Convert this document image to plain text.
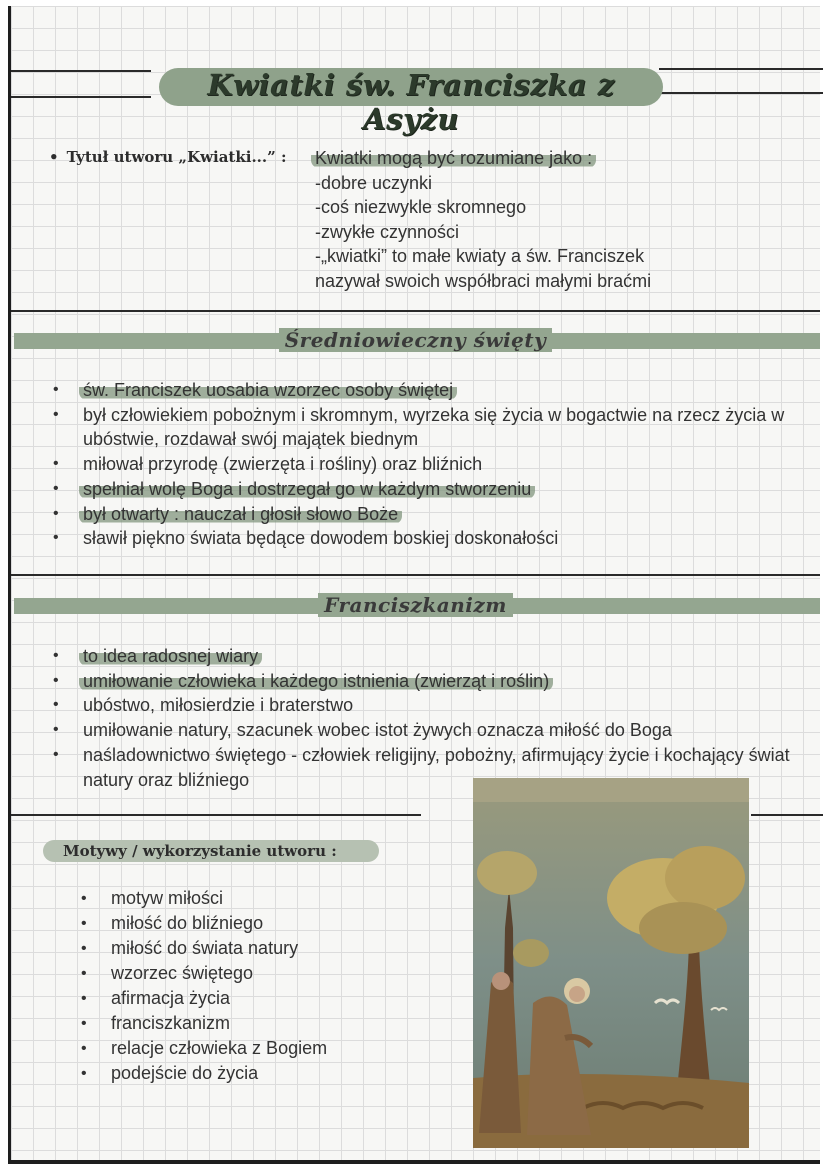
Kwiatki św. Franciszka z Asyżu
• Tytuł utworu „Kwiatki...” : Kwiatki mogą być rozumiane jako :
-dobre uczynki
-coś niezwykle skromnego
-zwykłe czynności
-„kwiatki” to małe kwiaty a św. Franciszek
nazywał swoich współbraci małymi braćmi
Średniowieczny święty
• św. Franciszek uosabia wzorzec osoby świętej
• był człowiekiem pobożnym i skromnym, wyrzeka się życia w bogactwie na rzecz życia w ubóstwie, rozdawał swój majątek biednym
• miłował przyrodę (zwierzęta i rośliny) oraz bliźnich
• spełniał wolę Boga i dostrzegał go w każdym stworzeniu
• był otwarty : nauczał i głosił słowo Boże
• sławił piękno świata będące dowodem boskiej doskonałości
Franciszkanizm
• to idea radosnej wiary
• umiłowanie człowieka i każdego istnienia (zwierząt i roślin)
• ubóstwo, miłosierdzie i braterstwo
• umiłowanie natury, szacunek wobec istot żywych oznacza miłość do Boga
• naśladownictwo świętego - człowiek religijny, pobożny, afirmujący życie i kochający świat natury oraz bliźniego
Motywy / wykorzystanie utworu :
• motyw miłości
• miłość do bliźniego
• miłość do świata natury
• wzorzec świętego
• afirmacja życia
• franciszkanizm
• relacje człowieka z Bogiem
• podejście do życia
